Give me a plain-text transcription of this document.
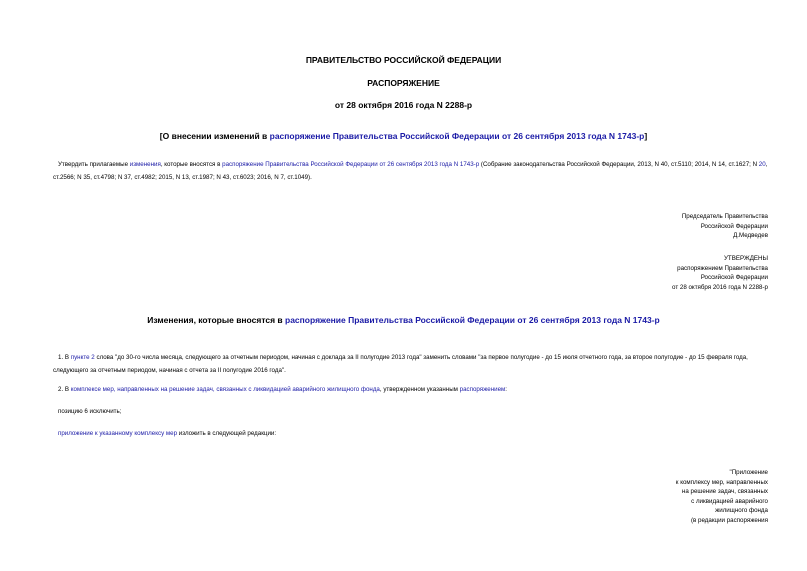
ПРАВИТЕЛЬСТВО РОССИЙСКОЙ ФЕДЕРАЦИИ
РАСПОРЯЖЕНИЕ
от 28 октября 2016 года N 2288-р
[О внесении изменений в распоряжение Правительства Российской Федерации от 26 сентября 2013 года N 1743-р]
Утвердить прилагаемые изменения, которые вносятся в распоряжение Правительства Российской Федерации от 26 сентября 2013 года N 1743-р (Собрание законодательства Российской Федерации, 2013, N 40, ст.5110; 2014, N 14, ст.1627; N 20, ст.2566; N 35, ст.4798; N 37, ст.4982; 2015, N 13, ст.1987; N 43, ст.6023; 2016, N 7, ст.1049).
Председатель Правительства
Российской Федерации
Д.Медведев
УТВЕРЖДЕНЫ
распоряжением Правительства
Российской Федерации
от 28 октября 2016 года N 2288-р
Изменения, которые вносятся в распоряжение Правительства Российской Федерации от 26 сентября 2013 года N 1743-р
1. В пункте 2 слова "до 30-го числа месяца, следующего за отчетным периодом, начиная с доклада за II полугодие 2013 года" заменить словами "за первое полугодие - до 15 июля отчетного года, за второе полугодие - до 15 февраля года, следующего за отчетным периодом, начиная с отчета за II полугодие 2016 года".
2. В комплексе мер, направленных на решение задач, связанных с ликвидацией аварийного жилищного фонда, утвержденном указанным распоряжением:
позицию 6 исключить;
приложение к указанному комплексу мер изложить в следующей редакции:
"Приложение
к комплексу мер, направленных
на решение задач, связанных
с ликвидацией аварийного
жилищного фонда
(в редакции распоряжения
